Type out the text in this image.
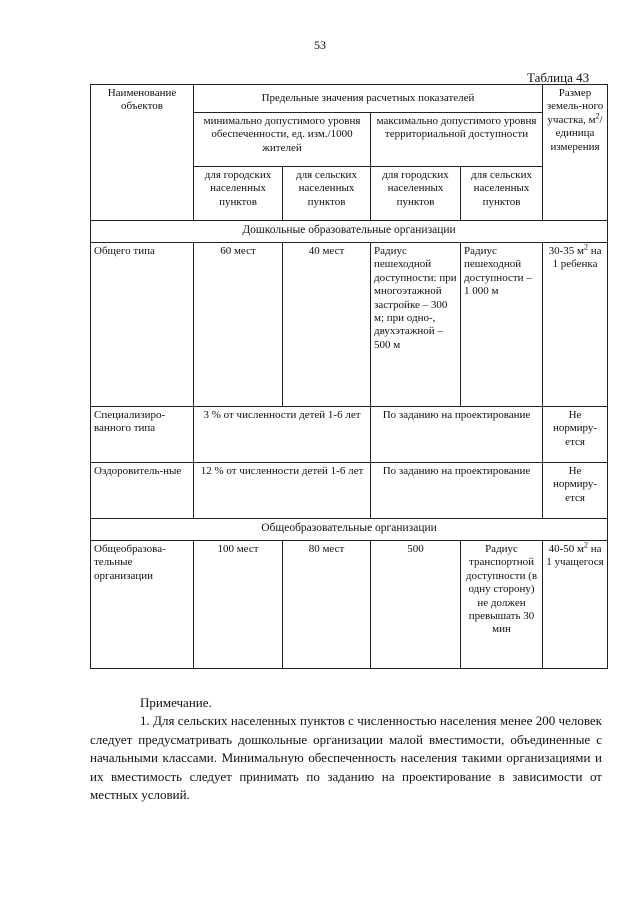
53
Таблица 43
Наименование объектов	Предельные значения расчетных показателей				Размер земель-ного участка, $м^2/$ единица измерения
	минимально допустимого уровня обеспеченности, ед. изм./1000 жителей		максимально допустимого уровня территориальной доступности		
	для городских населенных пунктов	для сельских населенных пунктов	для городских населенных пунктов	для сельских населенных пунктов	
Дошкольные образовательные организации					
Общего типа	60 мест	40 мест	Радиус пешеходной доступности: при многоэтажной застройке – 300 м; при одно-, двухэтажной – 500 м	Радиус пешеходной доступности – 1 000 м	30-35 $м^2$ на 1 ребенка
Специализиро-ванного типа	3 % от численности детей 1-6 лет		По заданию на проектирование		Не нормиру-ется
Оздоровитель-ные	12 % от численности детей 1-6 лет		По заданию на проектирование		Не нормиру-ется
Общеобразовательные организации					
Общеобразова-тельные организации	100 мест	80 мест	500	Радиус транспортной доступности (в одну сторону) не должен превышать 30 мин	40-50 $м^2$ на 1 учащегося
Примечание.
1. Для сельских населенных пунктов с численностью населения менее 200 человек следует предусматривать дошкольные организации малой вместимости, объединенные с начальными классами. Минимальную обеспеченность населения такими организациями и их вместимость следует принимать по заданию на проектирование в зависимости от местных условий.
